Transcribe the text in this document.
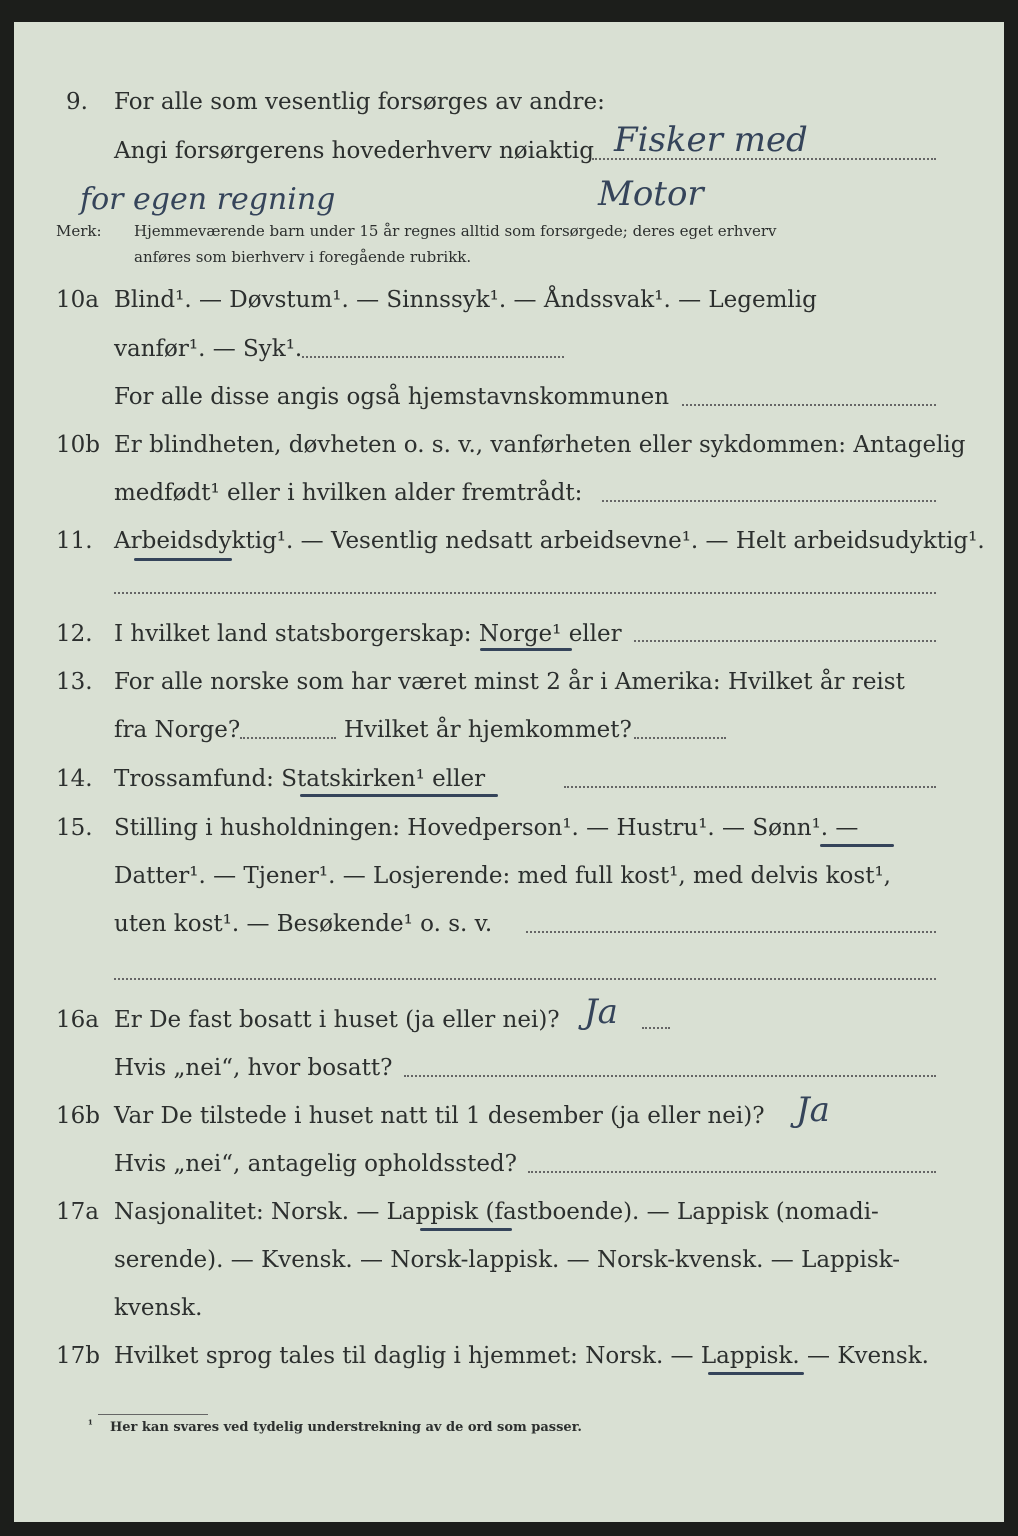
9. For alle som vesentlig forsørges av andre:
Angi forsørgerens hovederhverv nøiaktig Fisker med
for egen regning	Motor
Merk: Hjemmeværende barn under 15 år regnes alltid som forsørgede; deres eget erhverv
anføres som bierhverv i foregående rubrikk.
10a Blind¹. — Døvstum¹. — Sinnssyk¹. — Åndssvak¹. — Legemlig
vanfør¹. — Syk¹.
For alle disse angis også hjemstavnskommunen
10b Er blindheten, døvheten o. s. v., vanførheten eller sykdommen: Antagelig
medfødt¹ eller i hvilken alder fremtrådt:
11. Arbeidsdyktig¹. — Vesentlig nedsatt arbeidsevne¹. — Helt arbeidsudyktig¹.
12. I hvilket land statsborgerskap: Norge¹ eller
13. For alle norske som har været minst 2 år i Amerika: Hvilket år reist
fra Norge?	Hvilket år hjemkommet?
14. Trossamfund: Statskirken¹ eller
15. Stilling i husholdningen: Hovedperson¹. — Hustru¹. — Sønn¹. —
Datter¹. — Tjener¹. — Losjerende: med full kost¹, med delvis kost¹,
uten kost¹. — Besøkende¹ o. s. v.
16a Er De fast bosatt i huset (ja eller nei)? Ja
Hvis „nei“, hvor bosatt?
16b Var De tilstede i huset natt til 1 desember (ja eller nei)? Ja
Hvis „nei“, antagelig opholdssted?
17a Nasjonalitet: Norsk. — Lappisk (fastboende). — Lappisk (nomadi-
serende). — Kvensk. — Norsk-lappisk. — Norsk-kvensk. — Lappisk-
kvensk.
17b Hvilket sprog tales til daglig i hjemmet: Norsk. — Lappisk. — Kvensk.
¹ Her kan svares ved tydelig understrekning av de ord som passer.
